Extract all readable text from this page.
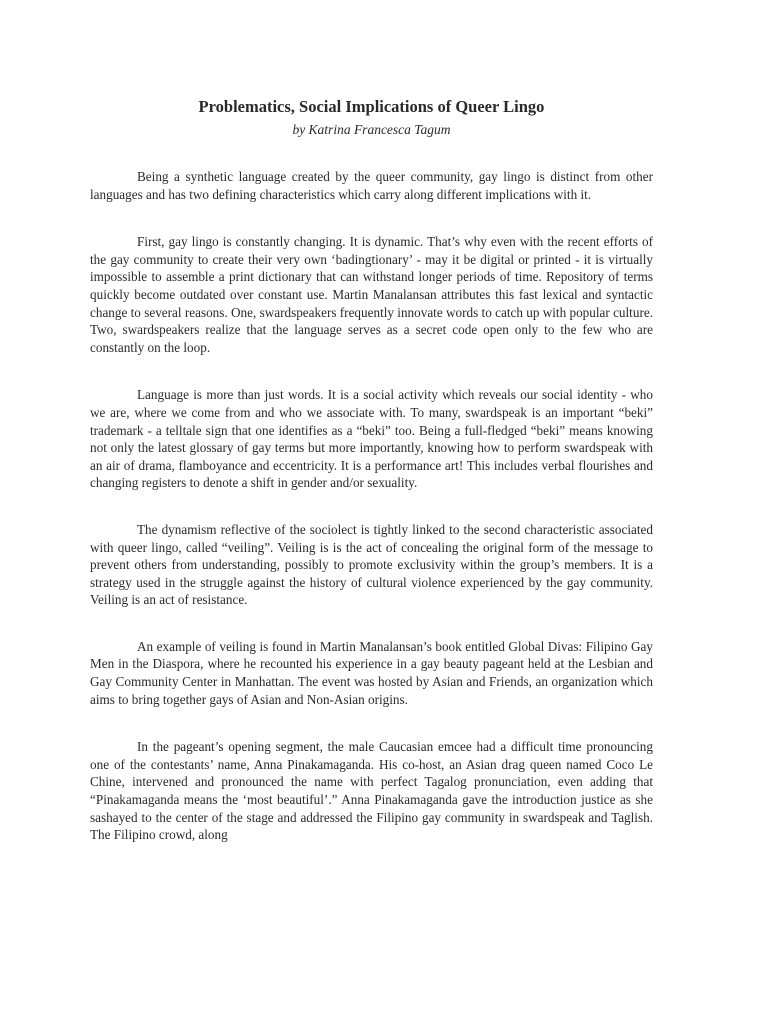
Problematics, Social Implications of Queer Lingo

by Katrina Francesca Tagum

Being a synthetic language created by the queer community, gay lingo is distinct from other languages and has two defining characteristics which carry along different implications with it.

First, gay lingo is constantly changing. It is dynamic. That’s why even with the recent efforts of the gay community to create their very own ‘badingtionary’ - may it be digital or printed - it is virtually impossible to assemble a print dictionary that can withstand longer periods of time. Repository of terms quickly become outdated over constant use. Martin Manalansan attributes this fast lexical and syntactic change to several reasons. One, swardspeakers frequently innovate words to catch up with popular culture. Two, swardspeakers realize that the language serves as a secret code open only to the few who are constantly on the loop.

Language is more than just words. It is a social activity which reveals our social identity - who we are, where we come from and who we associate with. To many, swardspeak is an important “beki” trademark - a telltale sign that one identifies as a “beki” too. Being a full-fledged “beki” means knowing not only the latest glossary of gay terms but more importantly, knowing how to perform swardspeak with an air of drama, flamboyance and eccentricity. It is a performance art! This includes verbal flourishes and changing registers to denote a shift in gender and/or sexuality.

The dynamism reflective of the sociolect is tightly linked to the second characteristic associated with queer lingo, called “veiling”. Veiling is is the act of concealing the original form of the message to prevent others from understanding, possibly to promote exclusivity within the group’s members. It is a strategy used in the struggle against the history of cultural violence experienced by the gay community. Veiling is an act of resistance.

An example of veiling is found in Martin Manalansan’s book entitled Global Divas: Filipino Gay Men in the Diaspora, where he recounted his experience in a gay beauty pageant held at the Lesbian and Gay Community Center in Manhattan. The event was hosted by Asian and Friends, an organization which aims to bring together gays of Asian and Non-Asian origins.

In the pageant’s opening segment, the male Caucasian emcee had a difficult time pronouncing one of the contestants’ name, Anna Pinakamaganda. His co-host, an Asian drag queen named Coco Le Chine, intervened and pronounced the name with perfect Tagalog pronunciation, even adding that “Pinakamaganda means the ‘most beautiful’.” Anna Pinakamaganda gave the introduction justice as she sashayed to the center of the stage and addressed the Filipino gay community in swardspeak and Taglish. The Filipino crowd, along
